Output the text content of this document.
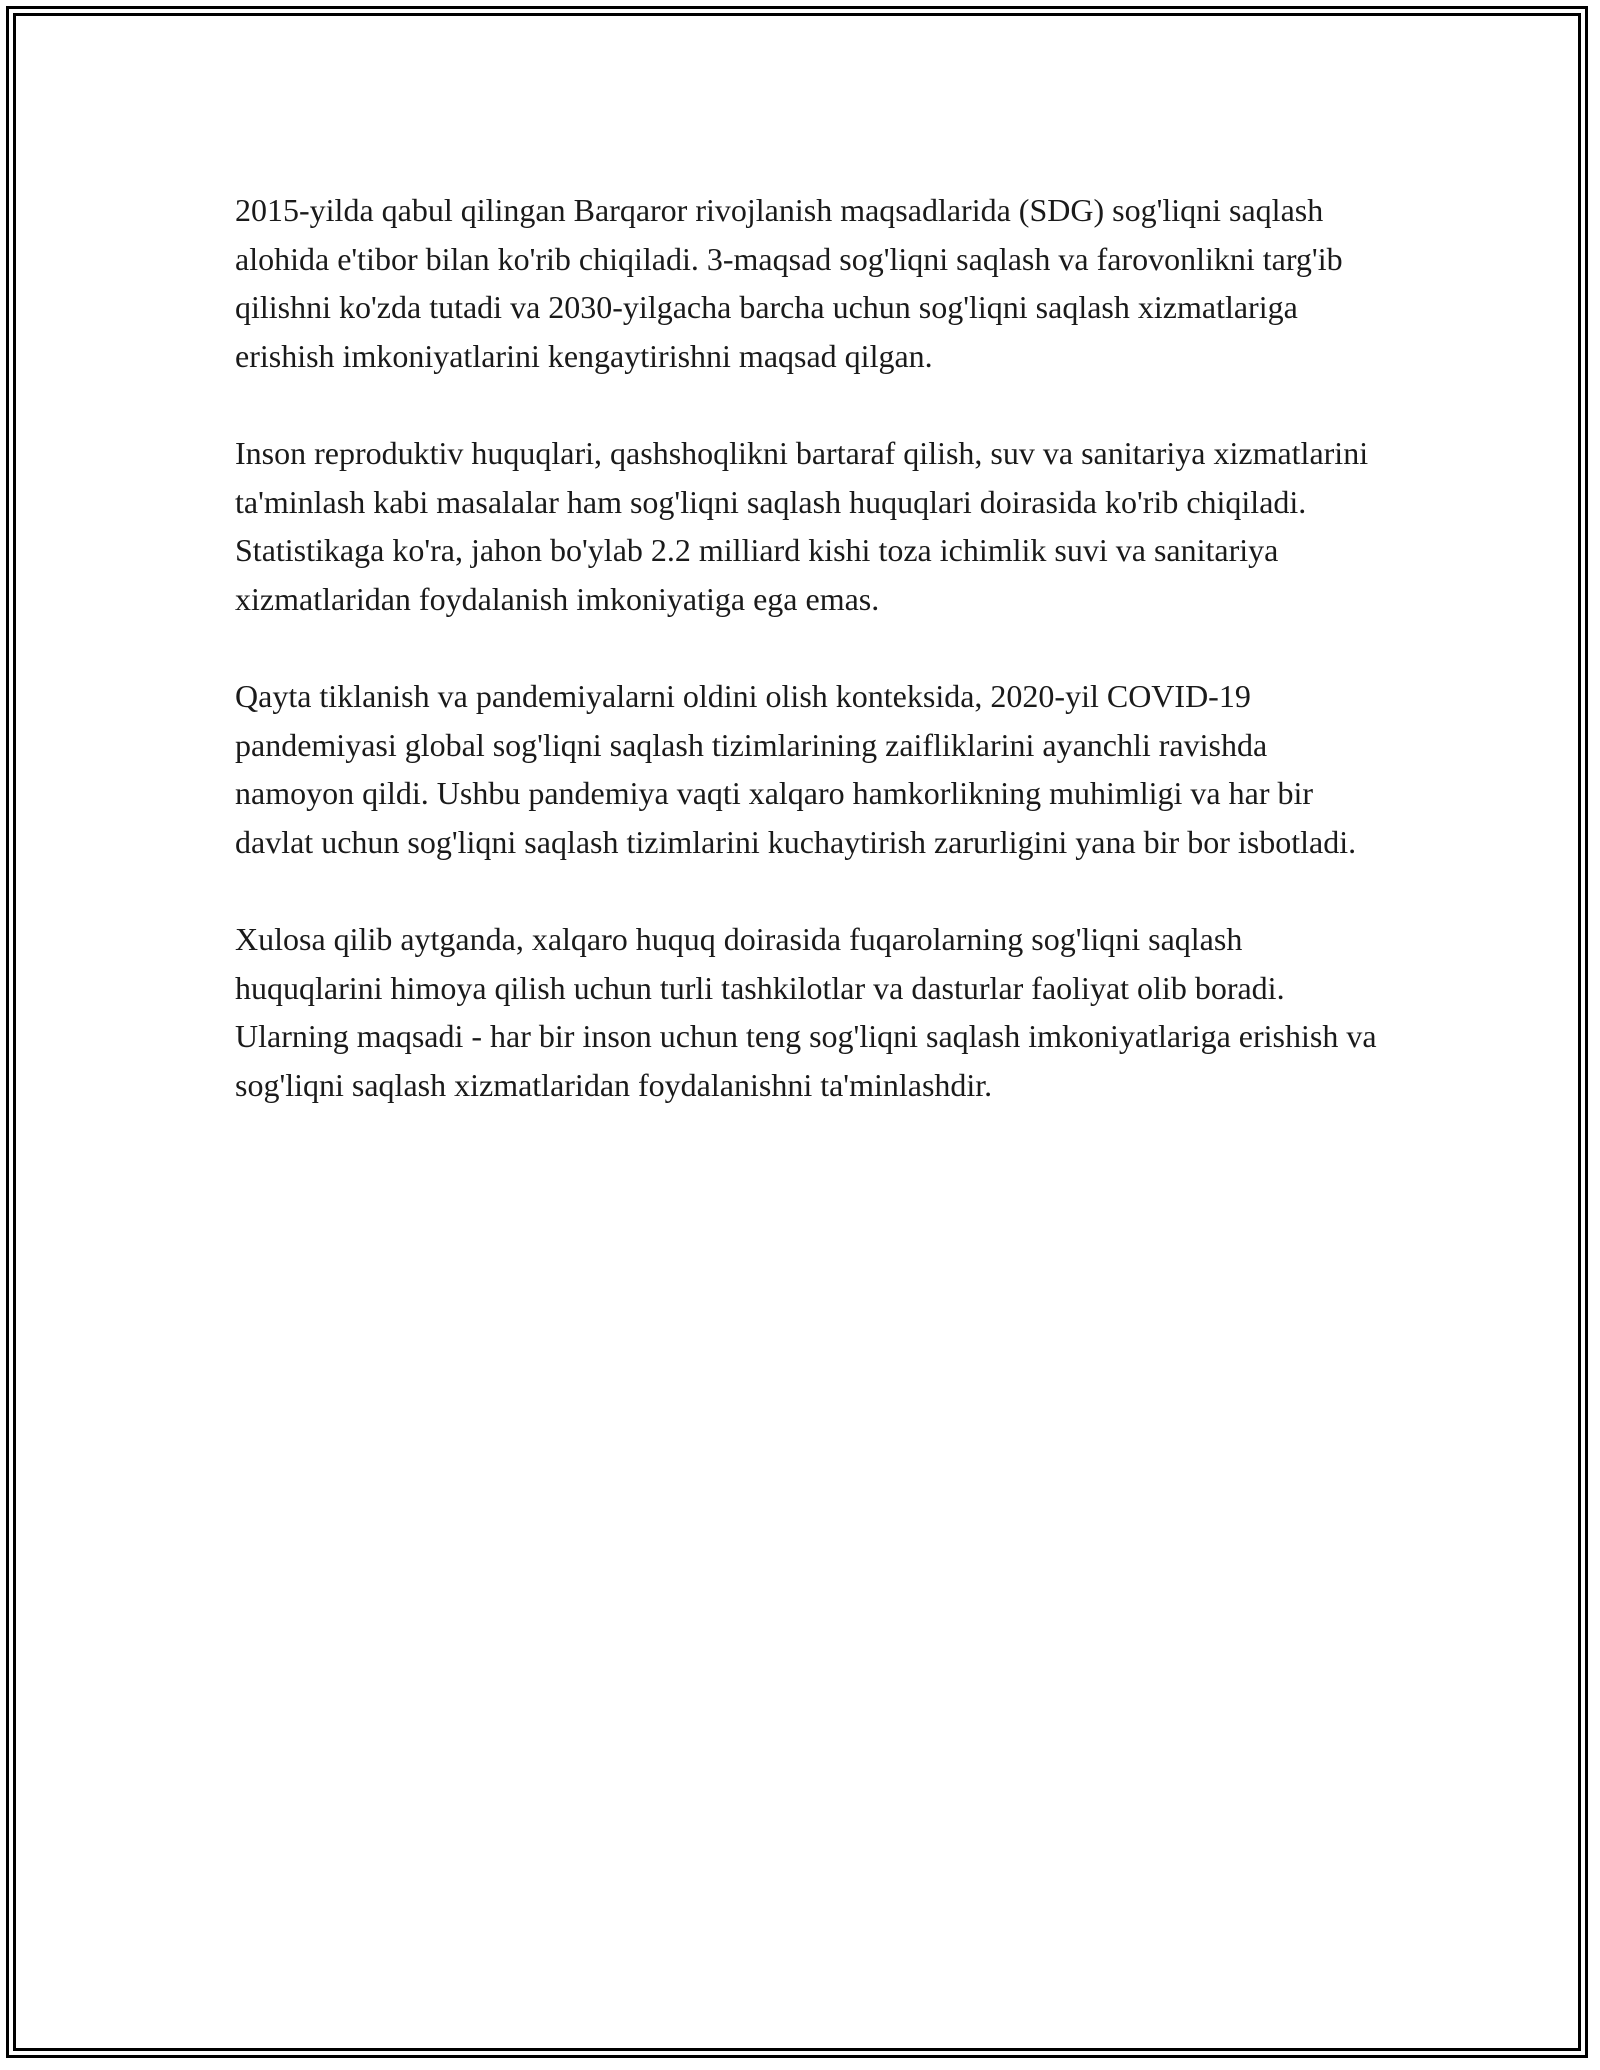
2015-yilda qabul qilingan Barqaror rivojlanish maqsadlarida (SDG) sog'liqni saqlash alohida e'tibor bilan ko'rib chiqiladi. 3-maqsad sog'liqni saqlash va farovonlikni targ'ib qilishni ko'zda tutadi va 2030-yilgacha barcha uchun sog'liqni saqlash xizmatlariga erishish imkoniyatlarini kengaytirishni maqsad qilgan.

Inson reproduktiv huquqlari, qashshoqlikni bartaraf qilish, suv va sanitariya xizmatlarini ta'minlash kabi masalalar ham sog'liqni saqlash huquqlari doirasida ko'rib chiqiladi. Statistikaga ko'ra, jahon bo'ylab 2.2 milliard kishi toza ichimlik suvi va sanitariya xizmatlaridan foydalanish imkoniyatiga ega emas.

Qayta tiklanish va pandemiyalarni oldini olish konteksida, 2020-yil COVID-19 pandemiyasi global sog'liqni saqlash tizimlarining zaifliklarini ayanchli ravishda namoyon qildi. Ushbu pandemiya vaqti xalqaro hamkorlikning muhimligi va har bir davlat uchun sog'liqni saqlash tizimlarini kuchaytirish zarurligini yana bir bor isbotladi.

Xulosa qilib aytganda, xalqaro huquq doirasida fuqarolarning sog'liqni saqlash huquqlarini himoya qilish uchun turli tashkilotlar va dasturlar faoliyat olib boradi. Ularning maqsadi - har bir inson uchun teng sog'liqni saqlash imkoniyatlariga erishish va sog'liqni saqlash xizmatlaridan foydalanishni ta'minlashdir.
